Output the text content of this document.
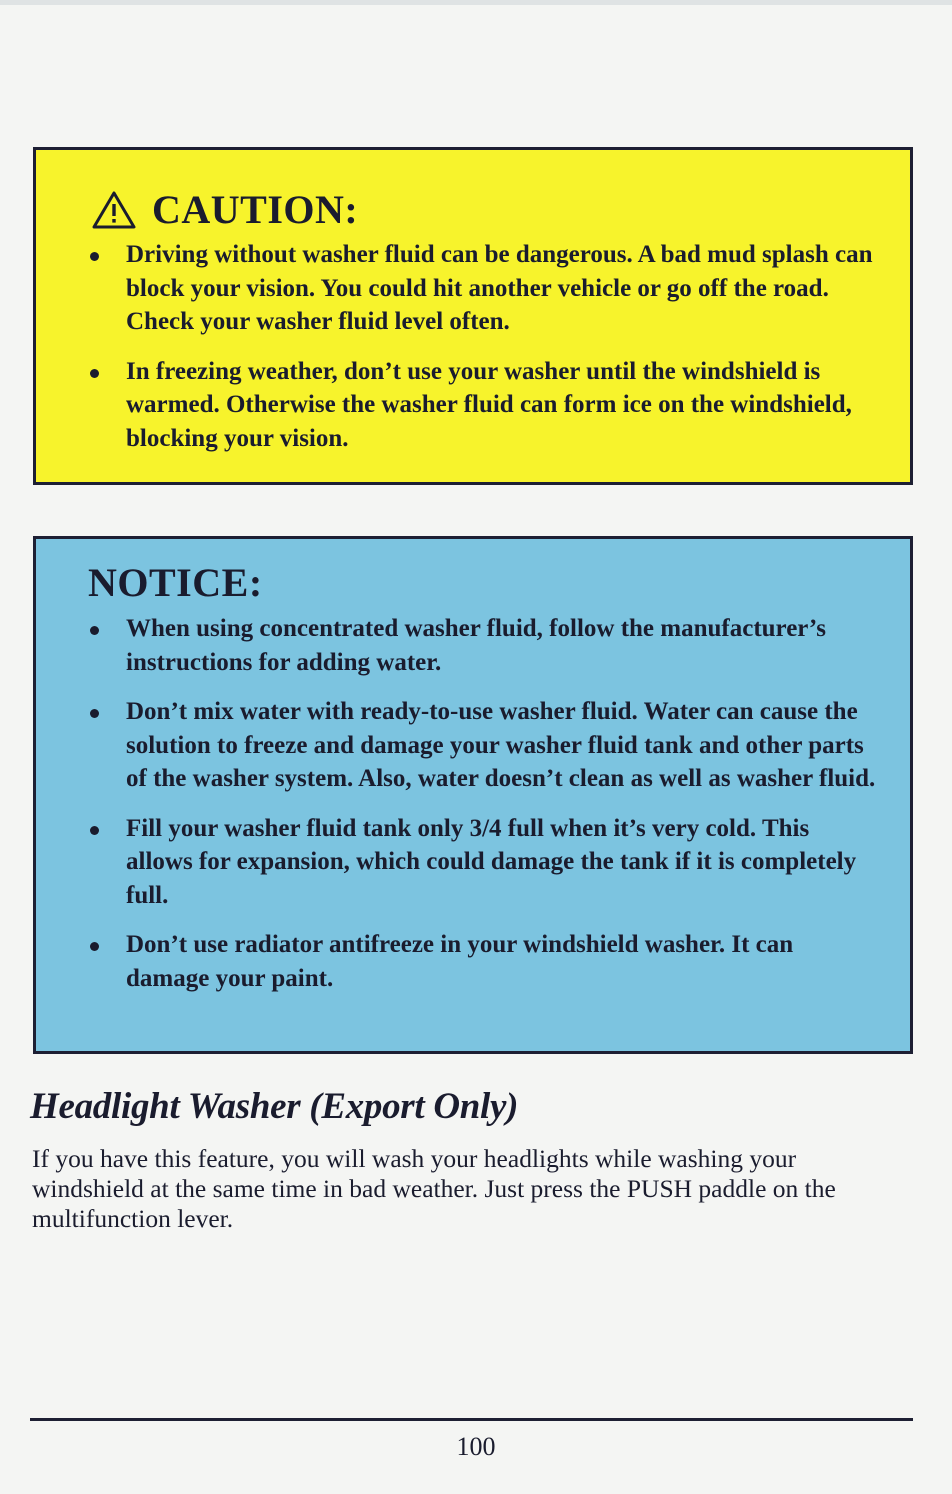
CAUTION:
Driving without washer fluid can be dangerous. A bad mud splash can block your vision. You could hit another vehicle or go off the road. Check your washer fluid level often.
In freezing weather, don’t use your washer until the windshield is warmed. Otherwise the washer fluid can form ice on the windshield, blocking your vision.
NOTICE:
When using concentrated washer fluid, follow the manufacturer’s instructions for adding water.
Don’t mix water with ready-to-use washer fluid. Water can cause the solution to freeze and damage your washer fluid tank and other parts of the washer system. Also, water doesn’t clean as well as washer fluid.
Fill your washer fluid tank only 3/4 full when it’s very cold. This allows for expansion, which could damage the tank if it is completely full.
Don’t use radiator antifreeze in your windshield washer. It can damage your paint.
Headlight Washer (Export Only)

If you have this feature, you will wash your headlights while washing your windshield at the same time in bad weather. Just press the PUSH paddle on the multifunction lever.

100
